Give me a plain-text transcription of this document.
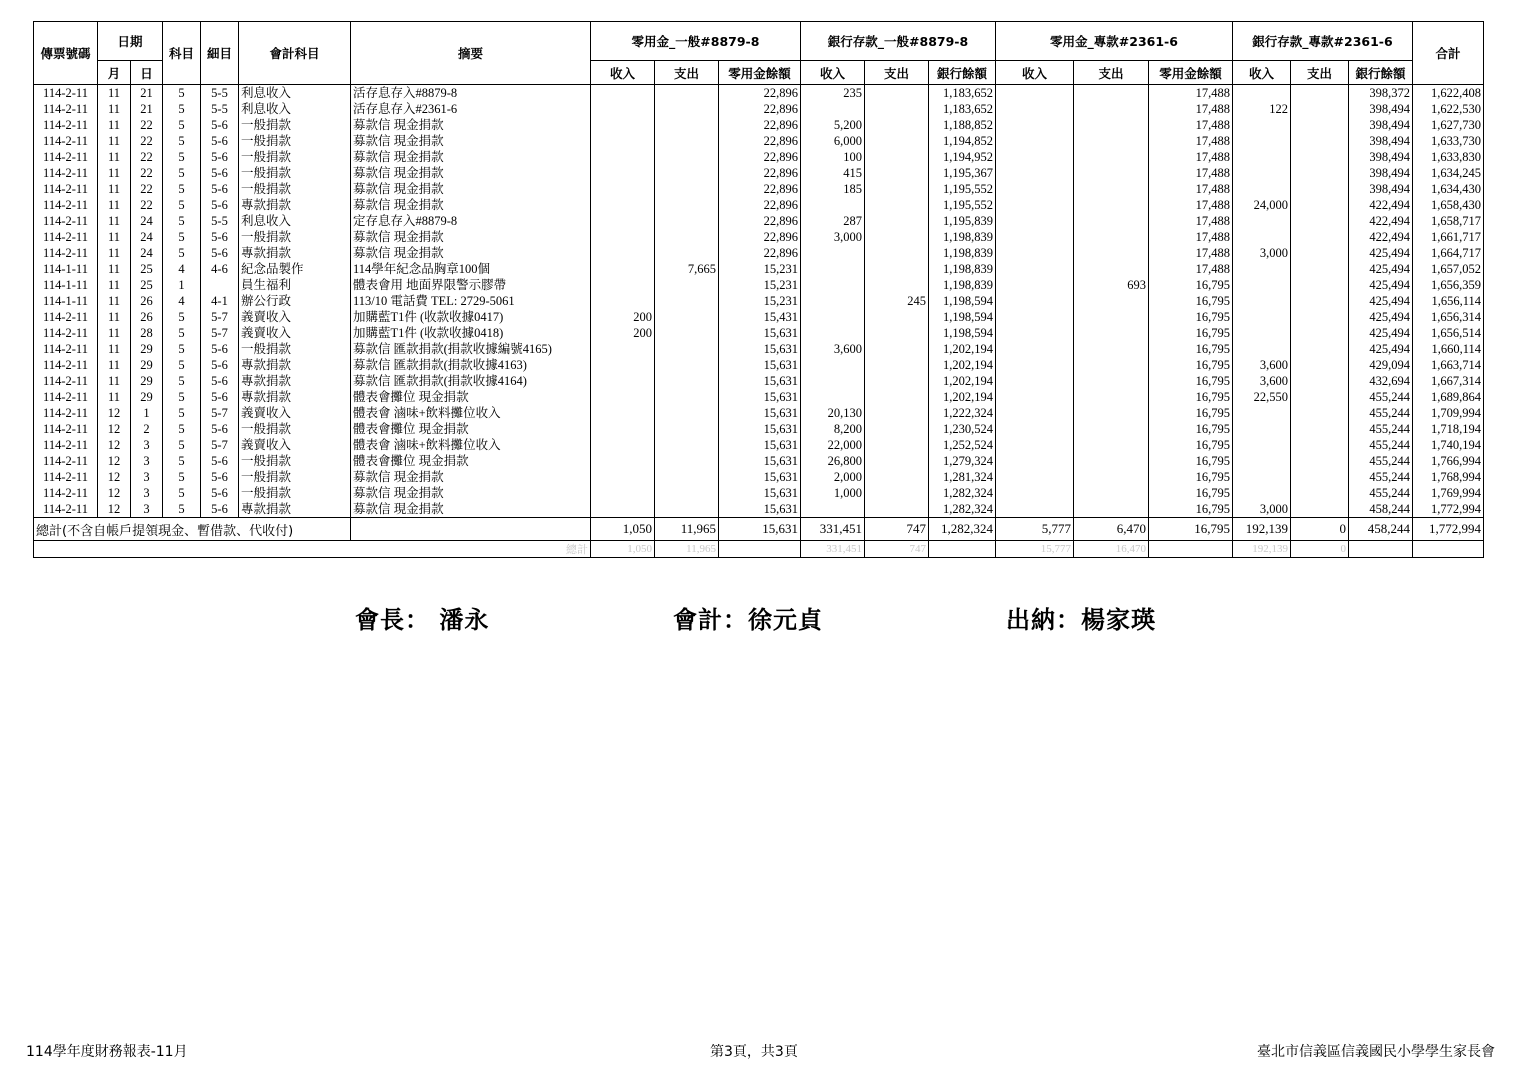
傳票號碼	日期		科目	細目	會計科目	摘要	零用金_一般#8879-8			銀行存款_一般#8879-8			零用金_專款#2361-6			銀行存款_專款#2361-6			合計
	月	日					收入	支出	零用金餘額	收入	支出	銀行餘額	收入	支出	零用金餘額	收入	支出	銀行餘額	
114-2-11	11	21	5	5-5	利息收入	活存息存入#8879-8			22,896	235		1,183,652			17,488			398,372	1,622,408
114-2-11	11	21	5	5-5	利息收入	活存息存入#2361-6			22,896			1,183,652			17,488	122		398,494	1,622,530
114-2-11	11	22	5	5-6	一般捐款	募款信 現金捐款			22,896	5,200		1,188,852			17,488			398,494	1,627,730
114-2-11	11	22	5	5-6	一般捐款	募款信 現金捐款			22,896	6,000		1,194,852			17,488			398,494	1,633,730
114-2-11	11	22	5	5-6	一般捐款	募款信 現金捐款			22,896	100		1,194,952			17,488			398,494	1,633,830
114-2-11	11	22	5	5-6	一般捐款	募款信 現金捐款			22,896	415		1,195,367			17,488			398,494	1,634,245
114-2-11	11	22	5	5-6	一般捐款	募款信 現金捐款			22,896	185		1,195,552			17,488			398,494	1,634,430
114-2-11	11	22	5	5-6	專款捐款	募款信 現金捐款			22,896			1,195,552			17,488	24,000		422,494	1,658,430
114-2-11	11	24	5	5-5	利息收入	定存息存入#8879-8			22,896	287		1,195,839			17,488			422,494	1,658,717
114-2-11	11	24	5	5-6	一般捐款	募款信 現金捐款			22,896	3,000		1,198,839			17,488			422,494	1,661,717
114-2-11	11	24	5	5-6	專款捐款	募款信 現金捐款			22,896			1,198,839			17,488	3,000		425,494	1,664,717
114-1-11	11	25	4	4-6	紀念品製作	114學年紀念品胸章100個		7,665	15,231			1,198,839			17,488			425,494	1,657,052
114-1-11	11	25	1		員生福利	體表會用 地面界限警示膠帶			15,231			1,198,839		693	16,795			425,494	1,656,359
114-1-11	11	26	4	4-1	辦公行政	113/10 電話費 TEL: 2729-5061			15,231		245	1,198,594			16,795			425,494	1,656,114
114-2-11	11	26	5	5-7	義賣收入	加購藍T1件 (收款收據0417)	200		15,431			1,198,594			16,795			425,494	1,656,314
114-2-11	11	28	5	5-7	義賣收入	加購藍T1件 (收款收據0418)	200		15,631			1,198,594			16,795			425,494	1,656,514
114-2-11	11	29	5	5-6	一般捐款	募款信 匯款捐款(捐款收據編號4165)			15,631	3,600		1,202,194			16,795			425,494	1,660,114
114-2-11	11	29	5	5-6	專款捐款	募款信 匯款捐款(捐款收據4163)			15,631			1,202,194			16,795	3,600		429,094	1,663,714
114-2-11	11	29	5	5-6	專款捐款	募款信 匯款捐款(捐款收據4164)			15,631			1,202,194			16,795	3,600		432,694	1,667,314
114-2-11	11	29	5	5-6	專款捐款	體表會攤位 現金捐款			15,631			1,202,194			16,795	22,550		455,244	1,689,864
114-2-11	12	1	5	5-7	義賣收入	體表會 滷味+飲料攤位收入			15,631	20,130		1,222,324			16,795			455,244	1,709,994
114-2-11	12	2	5	5-6	一般捐款	體表會攤位 現金捐款			15,631	8,200		1,230,524			16,795			455,244	1,718,194
114-2-11	12	3	5	5-7	義賣收入	體表會 滷味+飲料攤位收入			15,631	22,000		1,252,524			16,795			455,244	1,740,194
114-2-11	12	3	5	5-6	一般捐款	體表會攤位 現金捐款			15,631	26,800		1,279,324			16,795			455,244	1,766,994
114-2-11	12	3	5	5-6	一般捐款	募款信 現金捐款			15,631	2,000		1,281,324			16,795			455,244	1,768,994
114-2-11	12	3	5	5-6	一般捐款	募款信 現金捐款			15,631	1,000		1,282,324			16,795			455,244	1,769,994
114-2-11	12	3	5	5-6	專款捐款	募款信 現金捐款			15,631			1,282,324			16,795	3,000		458,244	1,772,994
總計(不含自帳戶提領現金、暫借款、代收付)							1,050	11,965	15,631	331,451	747	1,282,324	5,777	6,470	16,795	192,139	0	458,244	1,772,994
總計							1,050	11,965		331,451	747		15,777	16,470		192,139	0		
會長： 潘永	會計：徐元貞	出納：楊家瑛
114學年度財務報表-11月	第3頁，共3頁	臺北市信義區信義國民小學學生家長會
